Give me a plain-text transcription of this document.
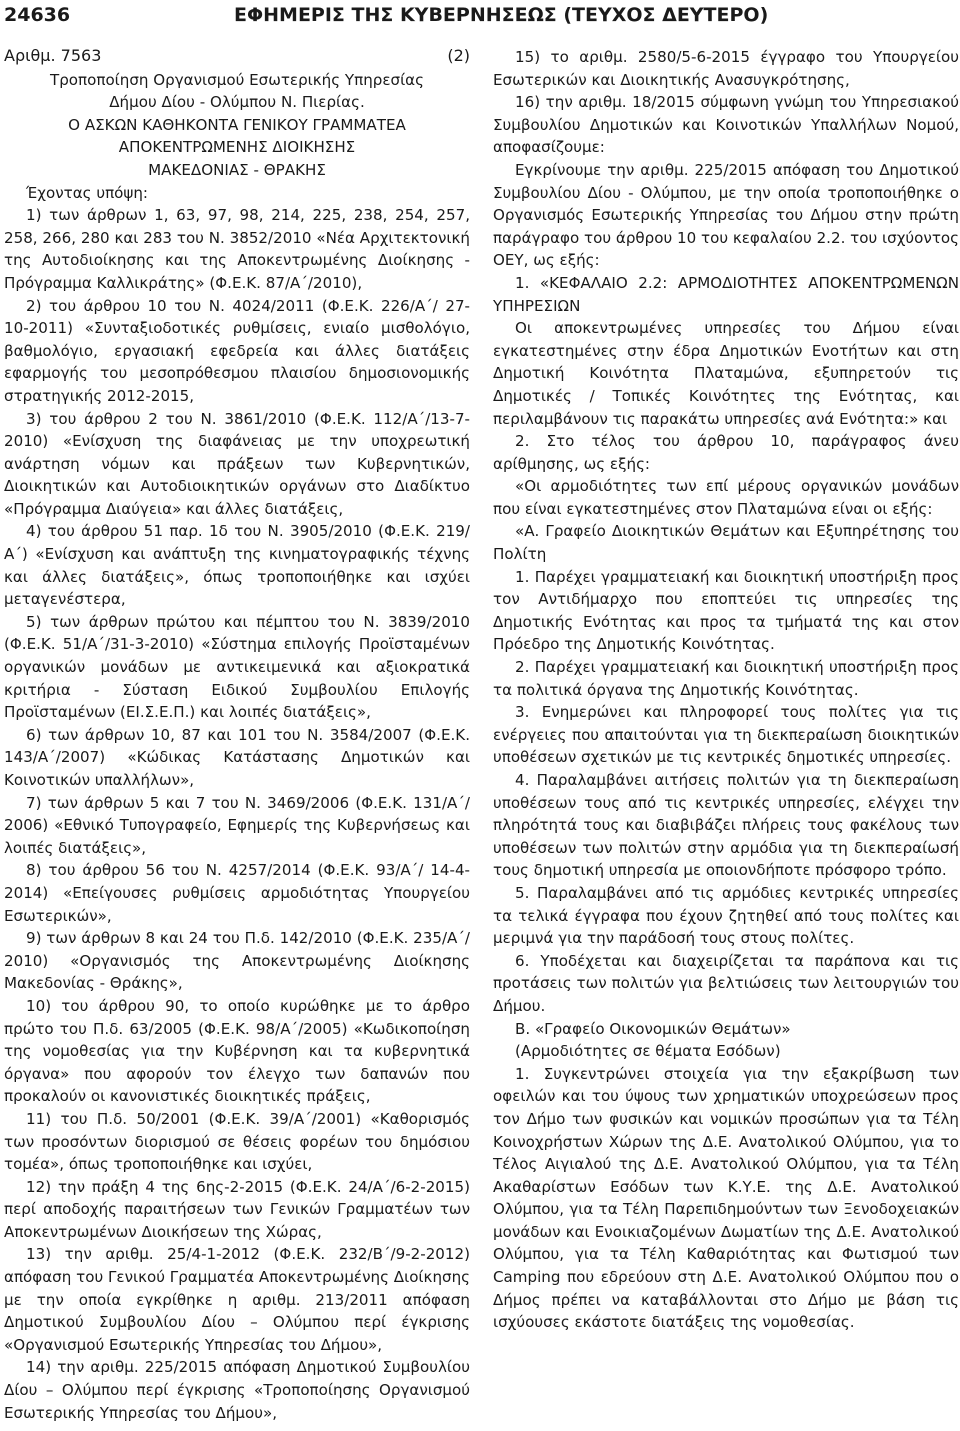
24636	ΕΦΗΜΕΡΙΣ ΤΗΣ ΚΥΒΕΡΝΗΣΕΩΣ (ΤΕΥΧΟΣ ΔΕΥΤΕΡΟ)
Αριθμ. 7563	(2)

Τροποποίηση Οργανισμού Εσωτερικής Υπηρεσίας

Δήμου Δίου - Ολύμπου Ν. Πιερίας.

Ο ΑΣΚΩΝ ΚΑΘΗΚΟΝΤΑ ΓΕΝΙΚΟΥ ΓΡΑΜΜΑΤΕΑ

ΑΠΟΚΕΝΤΡΩΜΕΝΗΣ ΔΙΟΙΚΗΣΗΣ

ΜΑΚΕΔΟΝΙΑΣ - ΘΡΑΚΗΣ

Έχοντας υπόψη:

1) των άρθρων 1, 63, 97, 98, 214, 225, 238, 254, 257, 258, 266, 280 και 283 του Ν. 3852/2010 «Νέα Αρχιτεκτονική της Αυτοδιοίκησης και της Αποκεντρωμένης Διοίκησης - Πρόγραμμα Καλλικράτης» (Φ.Ε.Κ. 87/Α΄/2010),

2) του άρθρου 10 του Ν. 4024/2011 (Φ.Ε.Κ. 226/Α΄/ 27-10-2011) «Συνταξιοδοτικές ρυθμίσεις, ενιαίο μισθολόγιο, βαθμολόγιο, εργασιακή εφεδρεία και άλλες διατάξεις εφαρμογής του μεσοπρόθεσμου πλαισίου δημοσιονομικής στρατηγικής 2012-2015,

3) του άρθρου 2 του Ν. 3861/2010 (Φ.Ε.Κ. 112/Α΄/13-7-2010) «Ενίσχυση της διαφάνειας με την υποχρεωτική ανάρτηση νόμων και πράξεων των Κυβερνητικών, Διοικητικών και Αυτοδιοικητικών οργάνων στο Διαδίκτυο «Πρόγραμμα Διαύγεια» και άλλες διατάξεις,

4) του άρθρου 51 παρ. 1δ του Ν. 3905/2010 (Φ.Ε.Κ. 219/Α΄) «Ενίσχυση και ανάπτυξη της κινηματογραφικής τέχνης και άλλες διατάξεις», όπως τροποποιήθηκε και ισχύει μεταγενέστερα,

5) των άρθρων πρώτου και πέμπτου του Ν. 3839/2010 (Φ.Ε.Κ. 51/Α΄/31-3-2010) «Σύστημα επιλογής Προϊσταμένων οργανικών μονάδων με αντικειμενικά και αξιοκρατικά κριτήρια - Σύσταση Ειδικού Συμβουλίου Επιλογής Προϊσταμένων (ΕΙ.Σ.Ε.Π.) και λοιπές διατάξεις»,

6) των άρθρων 10, 87 και 101 του Ν. 3584/2007 (Φ.Ε.Κ. 143/Α΄/2007) «Κώδικας Κατάστασης Δημοτικών και Κοινοτικών υπαλλήλων»,

7) των άρθρων 5 και 7 του Ν. 3469/2006 (Φ.Ε.Κ. 131/Α΄/ 2006) «Εθνικό Τυπογραφείο, Εφημερίς της Κυβερνήσεως και λοιπές διατάξεις»,

8) του άρθρου 56 του Ν. 4257/2014 (Φ.Ε.Κ. 93/Α΄/ 14-4-2014) «Επείγουσες ρυθμίσεις αρμοδιότητας Υπουργείου Εσωτερικών»,

9) των άρθρων 8 και 24 του Π.δ. 142/2010 (Φ.Ε.Κ. 235/Α΄/ 2010) «Οργανισμός της Αποκεντρωμένης Διοίκησης Μακεδονίας - Θράκης»,

10) του άρθρου 90, το οποίο κυρώθηκε με το άρθρο πρώτο του Π.δ. 63/2005 (Φ.Ε.Κ. 98/Α΄/2005) «Κωδικοποίηση της νομοθεσίας για την Κυβέρνηση και τα κυβερνητικά όργανα» που αφορούν τον έλεγχο των δαπανών που προκαλούν οι κανονιστικές διοικητικές πράξεις,

11) του Π.δ. 50/2001 (Φ.Ε.Κ. 39/Α΄/2001) «Καθορισμός των προσόντων διορισμού σε θέσεις φορέων του δημόσιου τομέα», όπως τροποποιήθηκε και ισχύει,

12) την πράξη 4 της 6ης-2-2015 (Φ.Ε.Κ. 24/Α΄/6-2-2015) περί αποδοχής παραιτήσεων των Γενικών Γραμματέων των Αποκεντρωμένων Διοικήσεων της Χώρας,

13) την αριθμ. 25/4-1-2012 (Φ.Ε.Κ. 232/Β΄/9-2-2012) απόφαση του Γενικού Γραμματέα Αποκεντρωμένης Διοίκησης με την οποία εγκρίθηκε η αριθμ. 213/2011 απόφαση Δημοτικού Συμβουλίου Δίου – Ολύμπου περί έγκρισης «Οργανισμού Εσωτερικής Υπηρεσίας του Δήμου»,

14) την αριθμ. 225/2015 απόφαση Δημοτικού Συμβουλίου Δίου – Ολύμπου περί έγκρισης «Τροποποίησης Οργανισμού Εσωτερικής Υπηρεσίας του Δήμου»,

15) το αριθμ. 2580/5-6-2015 έγγραφο του Υπουργείου Εσωτερικών και Διοικητικής Ανασυγκρότησης,

16) την αριθμ. 18/2015 σύμφωνη γνώμη του Υπηρεσιακού Συμβουλίου Δημοτικών και Κοινοτικών Υπαλλήλων Νομού, αποφασίζουμε:

Εγκρίνουμε την αριθμ. 225/2015 απόφαση του Δημοτικού Συμβουλίου Δίου - Ολύμπου, με την οποία τροποποιήθηκε ο Οργανισμός Εσωτερικής Υπηρεσίας του Δήμου στην πρώτη παράγραφο του άρθρου 10 του κεφαλαίου 2.2. του ισχύοντος ΟΕΥ, ως εξής:

1. «ΚΕΦΑΛΑΙΟ 2.2: ΑΡΜΟΔΙΟΤΗΤΕΣ ΑΠΟΚΕΝΤΡΩΜΕΝΩΝ ΥΠΗΡΕΣΙΩΝ

Οι αποκεντρωμένες υπηρεσίες του Δήμου είναι εγκατεστημένες στην έδρα Δημοτικών Ενοτήτων και στη Δημοτική Κοινότητα Πλαταμώνα, εξυπηρετούν τις Δημοτικές / Τοπικές Κοινότητες της Ενότητας, και περιλαμβάνουν τις παρακάτω υπηρεσίες ανά Ενότητα:» και

2. Στο τέλος του άρθρου 10, παράγραφος άνευ αρίθμησης, ως εξής:

«Οι αρμοδιότητες των επί μέρους οργανικών μονάδων που είναι εγκατεστημένες στον Πλαταμώνα είναι οι εξής:

«Α. Γραφείο Διοικητικών Θεμάτων και Εξυπηρέτησης του Πολίτη

1. Παρέχει γραμματειακή και διοικητική υποστήριξη προς τον Αντιδήμαρχο που εποπτεύει τις υπηρεσίες της Δημοτικής Ενότητας και προς τα τμήματά της και στον Πρόεδρο της Δημοτικής Κοινότητας.

2. Παρέχει γραμματειακή και διοικητική υποστήριξη προς τα πολιτικά όργανα της Δημοτικής Κοινότητας.

3. Ενημερώνει και πληροφορεί τους πολίτες για τις ενέργειες που απαιτούνται για τη διεκπεραίωση διοικητικών υποθέσεων σχετικών με τις κεντρικές δημοτικές υπηρεσίες.

4. Παραλαμβάνει αιτήσεις πολιτών για τη διεκπεραίωση υποθέσεων τους από τις κεντρικές υπηρεσίες, ελέγχει την πληρότητά τους και διαβιβάζει πλήρεις τους φακέλους των υποθέσεων των πολιτών στην αρμόδια για τη διεκπεραίωσή τους δημοτική υπηρεσία με οποιονδήποτε πρόσφορο τρόπο.

5. Παραλαμβάνει από τις αρμόδιες κεντρικές υπηρεσίες τα τελικά έγγραφα που έχουν ζητηθεί από τους πολίτες και μεριμνά για την παράδοσή τους στους πολίτες.

6. Υποδέχεται και διαχειρίζεται τα παράπονα και τις προτάσεις των πολιτών για βελτιώσεις των λειτουργιών του Δήμου.

Β. «Γραφείο Οικονομικών Θεμάτων»

(Αρμοδιότητες σε θέματα Εσόδων)

1. Συγκεντρώνει στοιχεία για την εξακρίβωση των οφειλών και του ύψους των χρηματικών υποχρεώσεων προς τον Δήμο των φυσικών και νομικών προσώπων για τα Τέλη Κοινοχρήστων Χώρων της Δ.Ε. Ανατολικού Ολύμπου, για το Τέλος Αιγιαλού της Δ.Ε. Ανατολικού Ολύμπου, για τα Τέλη Ακαθαρίστων Εσόδων των Κ.Υ.Ε. της Δ.Ε. Ανατολικού Ολύμπου, για τα Τέλη Παρεπιδημούντων των Ξενοδοχειακών μονάδων και Ενοικιαζομένων Δωματίων της Δ.Ε. Ανατολικού Ολύμπου, για τα Τέλη Καθαριότητας και Φωτισμού των Camping που εδρεύουν στη Δ.Ε. Ανατολικού Ολύμπου που ο Δήμος πρέπει να καταβάλλονται στο Δήμο με βάση τις ισχύουσες εκάστοτε διατάξεις της νομοθεσίας.
